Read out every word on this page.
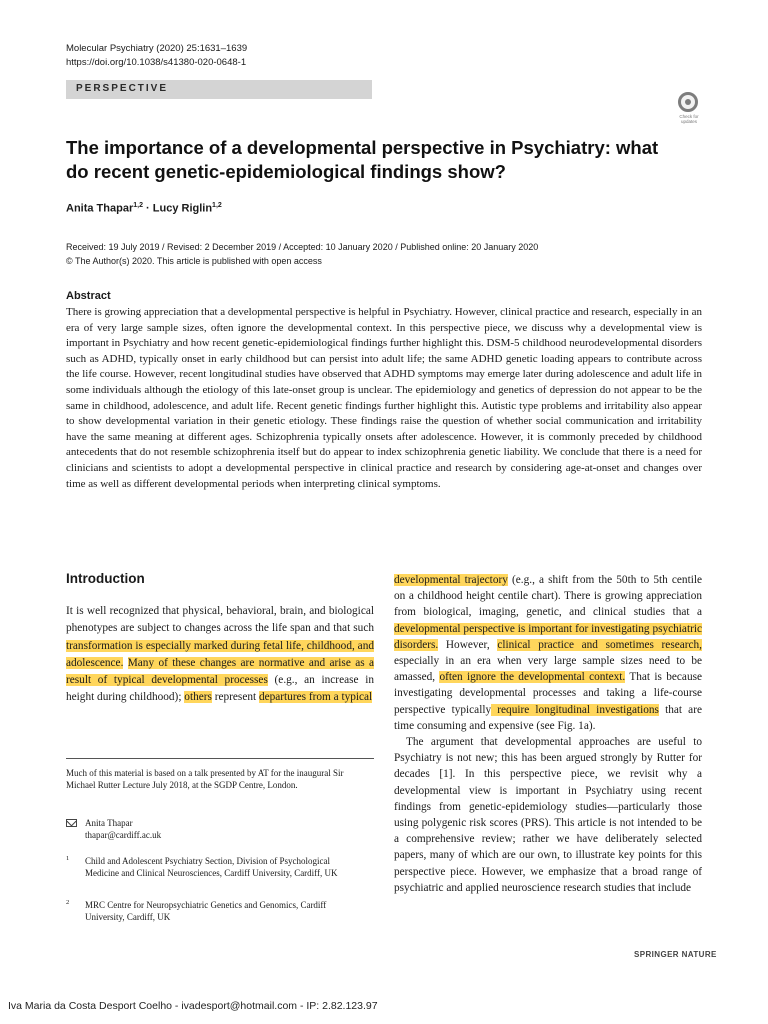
Molecular Psychiatry (2020) 25:1631–1639
https://doi.org/10.1038/s41380-020-0648-1
PERSPECTIVE
Check for updates
The importance of a developmental perspective in Psychiatry: what do recent genetic-epidemiological findings show?
Anita Thapar$^{1,2}$ · Lucy Riglin$^{1,2}$
Received: 19 July 2019 / Revised: 2 December 2019 / Accepted: 10 January 2020 / Published online: 20 January 2020
© The Author(s) 2020. This article is published with open access
Abstract
There is growing appreciation that a developmental perspective is helpful in Psychiatry. However, clinical practice and research, especially in an era of very large sample sizes, often ignore the developmental context. In this perspective piece, we discuss why a developmental view is important in Psychiatry and how recent genetic-epidemiological findings further highlight this. DSM-5 childhood neurodevelopmental disorders such as ADHD, typically onset in early childhood but can persist into adult life; the same ADHD genetic loading appears to contribute across the life course. However, recent longitudinal studies have observed that ADHD symptoms may emerge later during adolescence and adult life in some individuals although the etiology of this late-onset group is unclear. The epidemiology and genetics of depression do not appear to be the same in childhood, adolescence, and adult life. Recent genetic findings further highlight this. Autistic type problems and irritability also appear to show developmental variation in their genetic etiology. These findings raise the question of whether social communication and irritability have the same meaning at different ages. Schizophrenia typically onsets after adolescence. However, it is commonly preceded by childhood antecedents that do not resemble schizophrenia itself but do appear to index schizophrenia genetic liability. We conclude that there is a need for clinicians and scientists to adopt a developmental perspective in clinical practice and research by considering age-at-onset and changes over time as well as different developmental periods when interpreting clinical symptoms.
Introduction

It is well recognized that physical, behavioral, brain, and biological phenotypes are subject to changes across the life span and that such transformation is especially marked during fetal life, childhood, and adolescence. Many of these changes are normative and arise as a result of typical developmental processes (e.g., an increase in height during childhood); others represent departures from a typical

developmental trajectory (e.g., a shift from the 50th to 5th centile on a childhood height centile chart). There is growing appreciation from biological, imaging, genetic, and clinical studies that a developmental perspective is important for investigating psychiatric disorders. However, clinical practice and sometimes research, especially in an era when very large sample sizes need to be amassed, often ignore the developmental context. That is because investigating developmental processes and taking a life-course perspective typically require longitudinal investigations that are time consuming and expensive (see Fig. 1a).

The argument that developmental approaches are useful to Psychiatry is not new; this has been argued strongly by Rutter for decades [1]. In this perspective piece, we revisit why a developmental view is important in Psychiatry using recent findings from genetic-epidemiology studies—particularly those using polygenic risk scores (PRS). This article is not intended to be a comprehensive review; rather we have deliberately selected papers, many of which are our own, to illustrate key points for this perspective piece. However, we emphasize that a broad range of psychiatric and applied neuroscience research studies that include

Much of this material is based on a talk presented by AT for the inaugural Sir Michael Rutter Lecture July 2018, at the SGDP Centre, London.
Anita Thapar
thapar@cardiff.ac.uk
1 Child and Adolescent Psychiatry Section, Division of Psychological Medicine and Clinical Neurosciences, Cardiff University, Cardiff, UK
2 MRC Centre for Neuropsychiatric Genetics and Genomics, Cardiff University, Cardiff, UK
SPRINGER NATURE
Iva Maria da Costa Desport Coelho - ivadesport@hotmail.com - IP: 2.82.123.97
